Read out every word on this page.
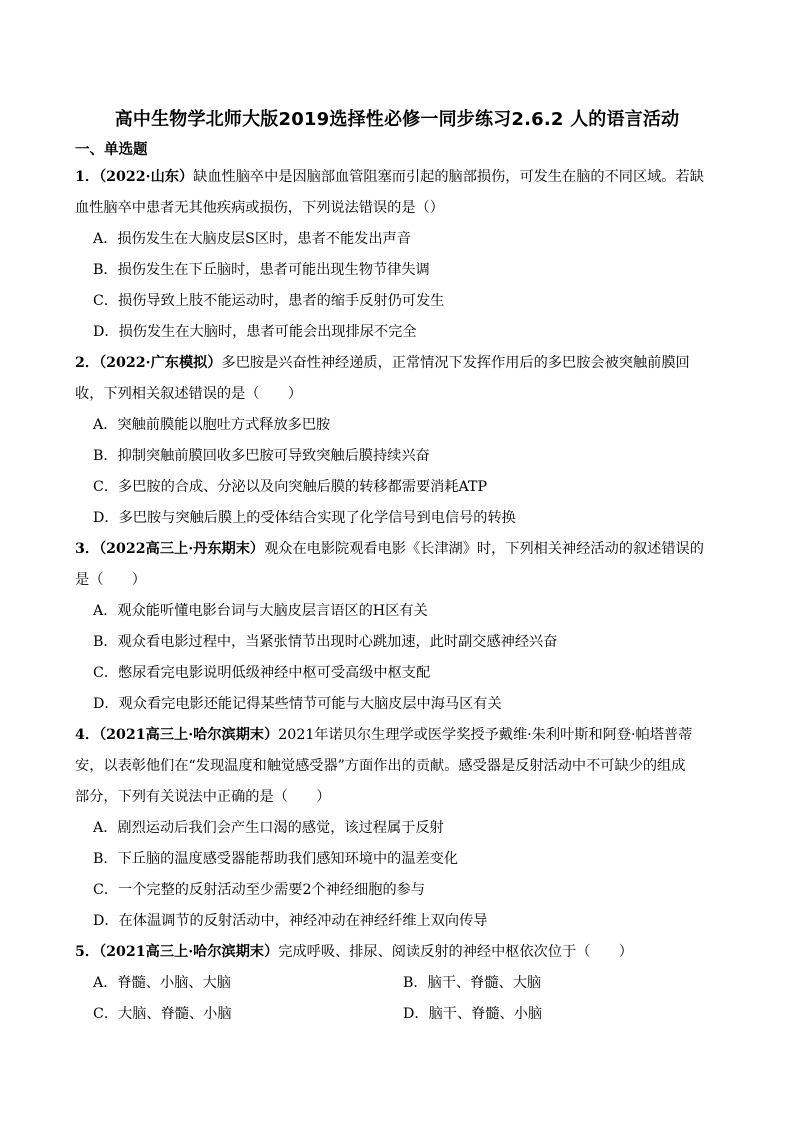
高中生物学北师大版2019选择性必修一同步练习2.6.2 人的语言活动
一、单选题
1．（2022·山东）缺血性脑卒中是因脑部血管阻塞而引起的脑部损伤，可发生在脑的不同区域。若缺
血性脑卒中患者无其他疾病或损伤，下列说法错误的是（）
A．损伤发生在大脑皮层S区时，患者不能发出声音
B．损伤发生在下丘脑时，患者可能出现生物节律失调
C．损伤导致上肢不能运动时，患者的缩手反射仍可发生
D．损伤发生在大脑时，患者可能会出现排尿不完全
2．（2022·广东模拟）多巴胺是兴奋性神经递质，正常情况下发挥作用后的多巴胺会被突触前膜回
收，下列相关叙述错误的是（　　）
A．突触前膜能以胞吐方式释放多巴胺
B．抑制突触前膜回收多巴胺可导致突触后膜持续兴奋
C．多巴胺的合成、分泌以及向突触后膜的转移都需要消耗ATP
D．多巴胺与突触后膜上的受体结合实现了化学信号到电信号的转换
3．（2022高三上·丹东期末）观众在电影院观看电影《长津湖》时，下列相关神经活动的叙述错误的
是（　　）
A．观众能听懂电影台词与大脑皮层言语区的H区有关
B．观众看电影过程中，当紧张情节出现时心跳加速，此时副交感神经兴奋
C．憋尿看完电影说明低级神经中枢可受高级中枢支配
D．观众看完电影还能记得某些情节可能与大脑皮层中海马区有关
4．（2021高三上·哈尔滨期末）2021年诺贝尔生理学或医学奖授予戴维·朱利叶斯和阿登·帕塔普蒂
安，以表彰他们在“发现温度和触觉感受器”方面作出的贡献。感受器是反射活动中不可缺少的组成
部分，下列有关说法中正确的是（　　）
A．剧烈运动后我们会产生口渴的感觉，该过程属于反射
B．下丘脑的温度感受器能帮助我们感知环境中的温差变化
C．一个完整的反射活动至少需要2个神经细胞的参与
D．在体温调节的反射活动中，神经冲动在神经纤维上双向传导
5．（2021高三上·哈尔滨期末）完成呼吸、排尿、阅读反射的神经中枢依次位于（　　）
A．脊髓、小脑、大脑	B．脑干、脊髓、大脑
C．大脑、脊髓、小脑	D．脑干、脊髓、小脑
